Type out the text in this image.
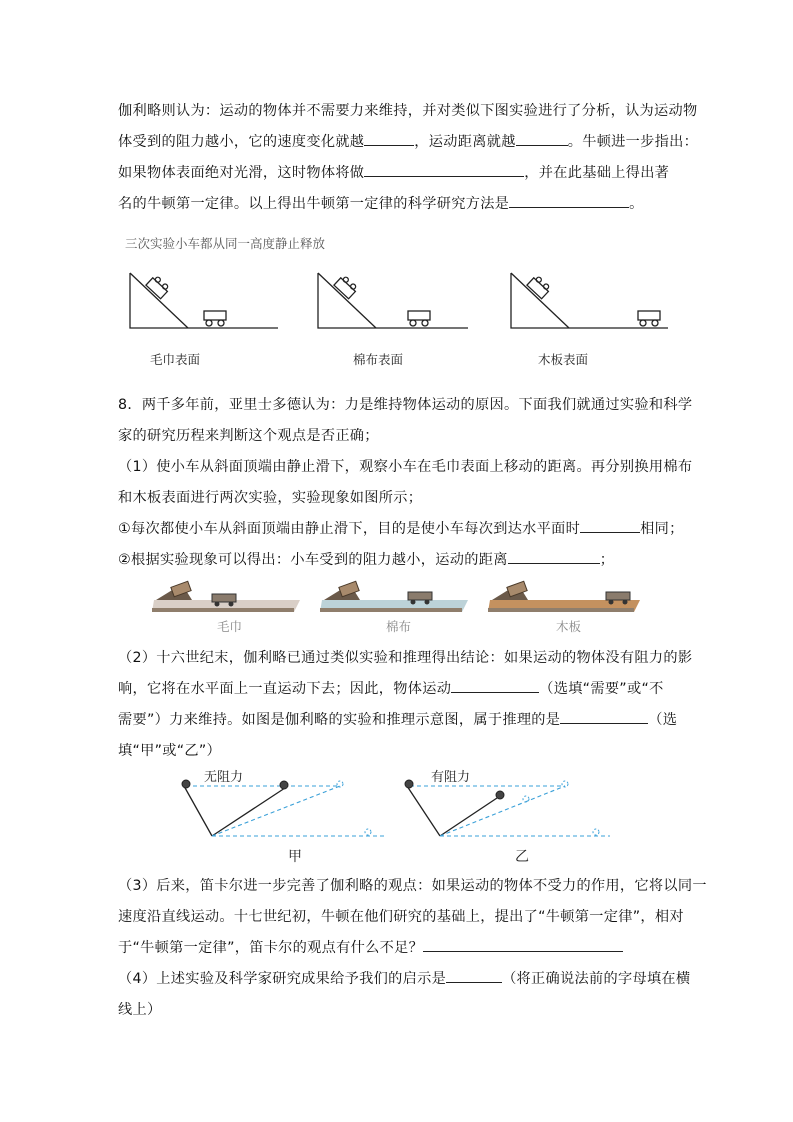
伽利略则认为：运动的物体并不需要力来维持，并对类似下图实验进行了分析，认为运动物
体受到的阻力越小，它的速度变化就越	，运动距离就越	。牛顿进一步指出：
如果物体表面绝对光滑，这时物体将做	，并在此基础上得出著
名的牛顿第一定律。以上得出牛顿第一定律的科学研究方法是	。
三次实验小车都从同一高度静止释放
毛巾表面	棉布表面	木板表面
8．两千多年前，亚里士多德认为：力是维持物体运动的原因。下面我们就通过实验和科学
家的研究历程来判断这个观点是否正确；
（1）使小车从斜面顶端由静止滑下，观察小车在毛巾表面上移动的距离。再分别换用棉布
和木板表面进行两次实验，实验现象如图所示；
①每次都使小车从斜面顶端由静止滑下，目的是使小车每次到达水平面时	相同；
②根据实验现象可以得出：小车受到的阻力越小，运动的距离	；
毛巾	棉布	木板
（2）十六世纪末，伽利略已通过类似实验和推理得出结论：如果运动的物体没有阻力的影
响，它将在水平面上一直运动下去；因此，物体运动	（选填“需要”或“不
需要”）力来维持。如图是伽利略的实验和推理示意图，属于推理的是	（选
填“甲”或“乙”）
无阻力	有阻力
甲	乙
（3）后来，笛卡尔进一步完善了伽利略的观点：如果运动的物体不受力的作用，它将以同一
速度沿直线运动。十七世纪初，牛顿在他们研究的基础上，提出了“牛顿第一定律”，相对
于“牛顿第一定律”，笛卡尔的观点有什么不足？
（4）上述实验及科学家研究成果给予我们的启示是	（将正确说法前的字母填在横
线上）
